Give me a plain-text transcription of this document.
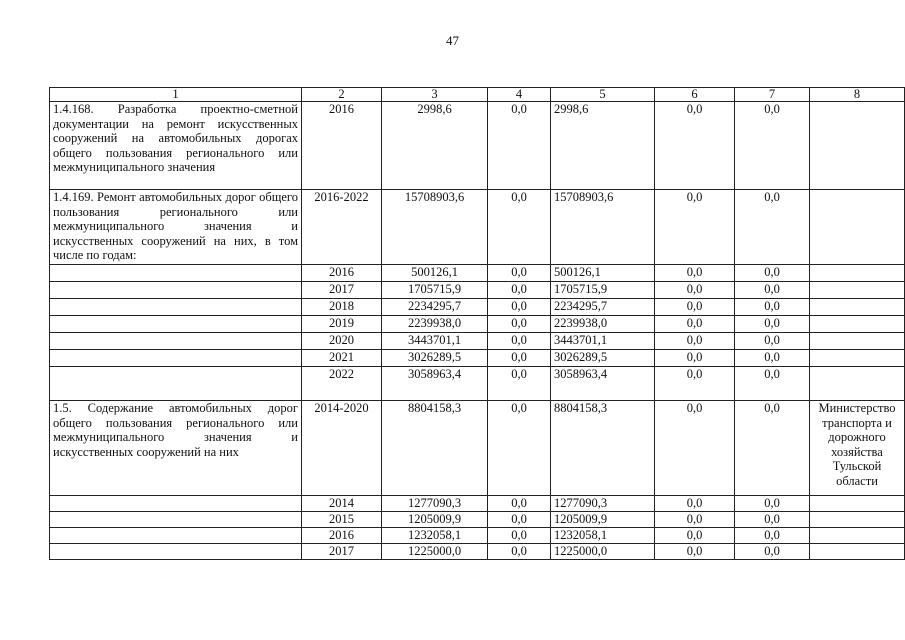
47
1	2	3	4	5	6	7	8
1.4.168. Разработка проектно-сметной документации на ремонт искусственных сооружений на автомобильных дорогах общего пользования регионального или межмуниципального значения	2016	2998,6	0,0	2998,6	0,0	0,0	
1.4.169. Ремонт автомобильных дорог общего пользования регионального или межмуниципального значения и искусственных сооружений на них, в том числе по годам:	2016-2022	15708903,6	0,0	15708903,6	0,0	0,0	
	2016	500126,1	0,0	500126,1	0,0	0,0	
	2017	1705715,9	0,0	1705715,9	0,0	0,0	
	2018	2234295,7	0,0	2234295,7	0,0	0,0	
	2019	2239938,0	0,0	2239938,0	0,0	0,0	
	2020	3443701,1	0,0	3443701,1	0,0	0,0	
	2021	3026289,5	0,0	3026289,5	0,0	0,0	
	2022	3058963,4	0,0	3058963,4	0,0	0,0	
1.5. Содержание автомобильных дорог общего пользования регионального или межмуниципального значения и искусственных сооружений на них	2014-2020	8804158,3	0,0	8804158,3	0,0	0,0	Министерство транспорта и дорожного хозяйства Тульской области
	2014	1277090,3	0,0	1277090,3	0,0	0,0	
	2015	1205009,9	0,0	1205009,9	0,0	0,0	
	2016	1232058,1	0,0	1232058,1	0,0	0,0	
	2017	1225000,0	0,0	1225000,0	0,0	0,0	
